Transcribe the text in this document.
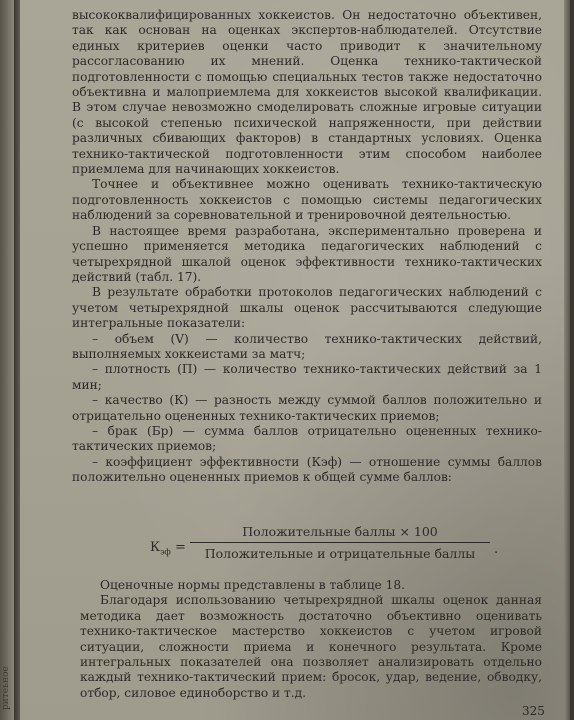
ритеьное

высококвалифицированных хоккеистов. Он недостаточно объективен, так как основан на оценках экспертов-наблюдателей. Отсутствие единых критериев оценки часто приводит к значительному рассогласованию их мнений. Оценка технико-тактической подготовленности с помощью специальных тестов также недостаточно объективна и малоприемлема для хоккеистов высокой квалификации. В этом случае невозможно смоделировать сложные игровые ситуации (с высокой степенью психической напряженности, при действии различных сбивающих факторов) в стандартных условиях. Оценка технико-тактической подготовленности этим способом наиболее приемлема для начинающих хоккеистов.

Точнее и объективнее можно оценивать технико-тактическую подготовленность хоккеистов с помощью системы педагогических наблюдений за соревновательной и тренировочной деятельностью.

В настоящее время разработана, экспериментально проверена и успешно применяется методика педагогических наблюдений с четырехрядной шкалой оценок эффективности технико-тактических действий (табл. 17).

В результате обработки протоколов педагогических наблюдений с учетом четырехрядной шкалы оценок рассчитываются следующие интегральные показатели:

– объем (V) — количество технико-тактических действий, выполняемых хоккеистами за матч;

– плотность (П) — количество технико-тактических действий за 1 мин;

– качество (К) — разность между суммой баллов положительно и отрицательно оцененных технико-тактических приемов;

– брак (Бр) — сумма баллов отрицательно оцененных технико-тактических приемов;

– коэффициент эффективности (Кэф) — отношение суммы баллов положительно оцененных приемов к общей сумме баллов:

$К_{эф}$ =
Положительные баллы × 100
Положительные и отрицательные баллы	.

Оценочные нормы представлены в таблице 18.

Благодаря использованию четырехрядной шкалы оценок данная методика дает возможность достаточно объективно оценивать технико-тактическое мастерство хоккеистов с учетом игровой ситуации, сложности приема и конечного результата. Кроме интегральных показателей она позволяет анализировать отдельно каждый технико-тактический прием: бросок, удар, ведение, обводку, отбор, силовое единоборство и т.д.

325
